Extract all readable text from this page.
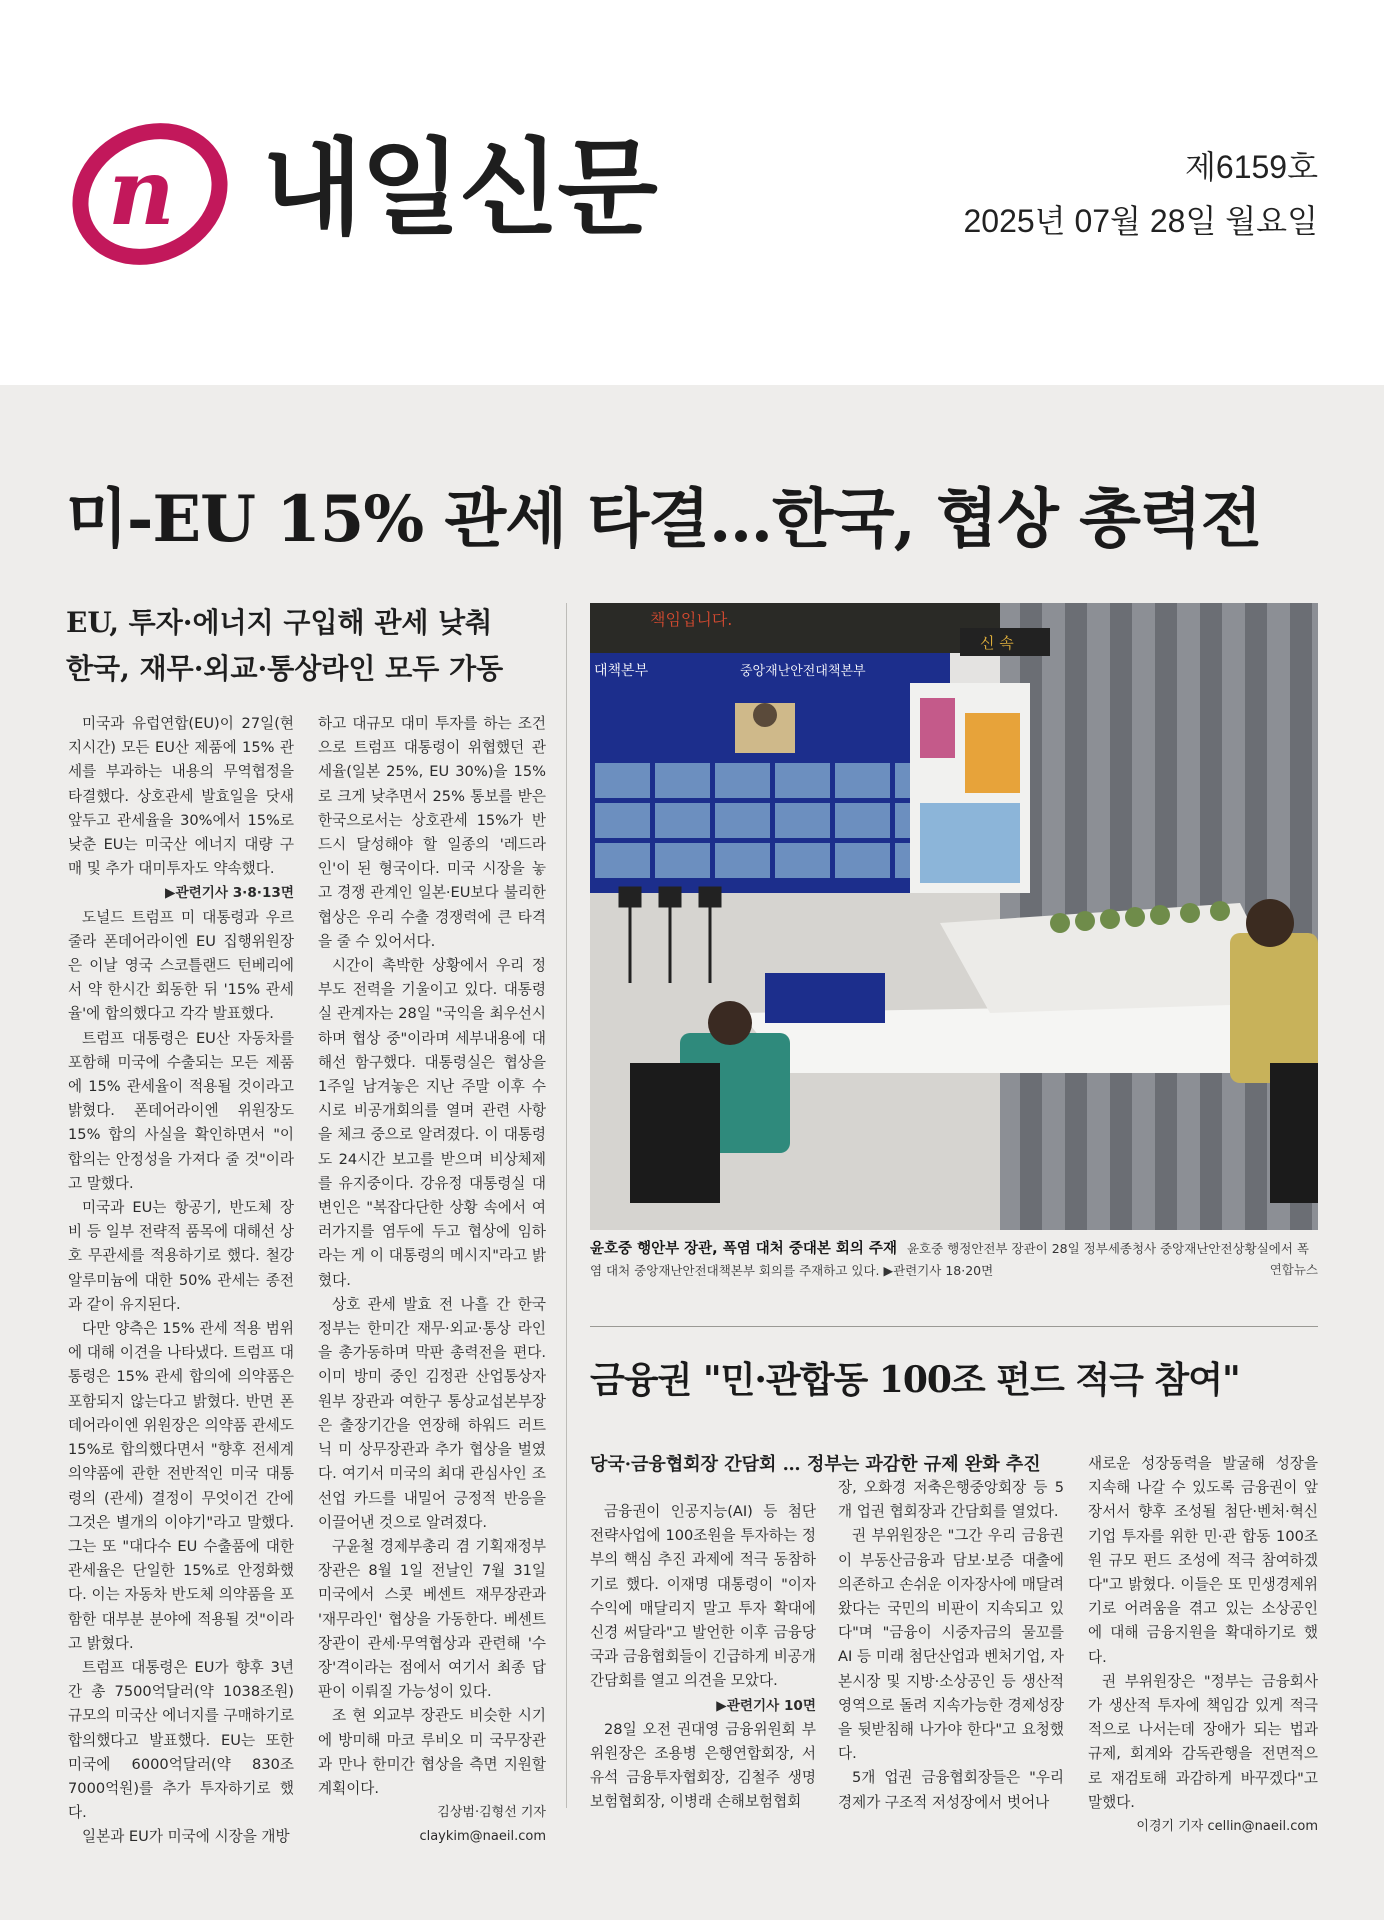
n 내일신문	제6159호
2025년 07월 28일 월요일
미-EU 15% 관세 타결…한국, 협상 총력전
EU, 투자·에너지 구입해 관세 낮춰
한국, 재무·외교·통상라인 모두 가동

미국과 유럽연합(EU)이 27일(현지시간) 모든 EU산 제품에 15% 관세를 부과하는 내용의 무역협정을 타결했다. 상호관세 발효일을 닷새 앞두고 관세율을 30%에서 15%로 낮춘 EU는 미국산 에너지 대량 구매 및 추가 대미투자도 약속했다.

▶관련기사 3·8·13면

도널드 트럼프 미 대통령과 우르줄라 폰데어라이엔 EU 집행위원장은 이날 영국 스코틀랜드 턴베리에서 약 한시간 회동한 뒤 '15% 관세율'에 합의했다고 각각 발표했다.

트럼프 대통령은 EU산 자동차를 포함해 미국에 수출되는 모든 제품에 15% 관세율이 적용될 것이라고 밝혔다. 폰데어라이엔 위원장도 15% 합의 사실을 확인하면서 "이 합의는 안정성을 가져다 줄 것"이라고 말했다.

미국과 EU는 항공기, 반도체 장비 등 일부 전략적 품목에 대해선 상호 무관세를 적용하기로 했다. 철강 알루미늄에 대한 50% 관세는 종전과 같이 유지된다.

다만 양측은 15% 관세 적용 범위에 대해 이견을 나타냈다. 트럼프 대통령은 15% 관세 합의에 의약품은 포함되지 않는다고 밝혔다. 반면 폰데어라이엔 위원장은 의약품 관세도 15%로 합의했다면서 "향후 전세계 의약품에 관한 전반적인 미국 대통령의 (관세) 결정이 무엇이건 간에 그것은 별개의 이야기"라고 말했다. 그는 또 "대다수 EU 수출품에 대한 관세율은 단일한 15%로 안정화했다. 이는 자동차 반도체 의약품을 포함한 대부분 분야에 적용될 것"이라고 밝혔다.

트럼프 대통령은 EU가 향후 3년간 총 7500억달러(약 1038조원) 규모의 미국산 에너지를 구매하기로 합의했다고 발표했다. EU는 또한 미국에 6000억달러(약 830조7000억원)를 추가 투자하기로 했다.

일본과 EU가 미국에 시장을 개방

하고 대규모 대미 투자를 하는 조건으로 트럼프 대통령이 위협했던 관세율(일본 25%, EU 30%)을 15%로 크게 낮추면서 25% 통보를 받은 한국으로서는 상호관세 15%가 반드시 달성해야 할 일종의 '레드라인'이 된 형국이다. 미국 시장을 놓고 경쟁 관계인 일본·EU보다 불리한 협상은 우리 수출 경쟁력에 큰 타격을 줄 수 있어서다.

시간이 촉박한 상황에서 우리 정부도 전력을 기울이고 있다. 대통령실 관계자는 28일 "국익을 최우선시하며 협상 중"이라며 세부내용에 대해선 함구했다. 대통령실은 협상을 1주일 남겨놓은 지난 주말 이후 수시로 비공개회의를 열며 관련 사항을 체크 중으로 알려졌다. 이 대통령도 24시간 보고를 받으며 비상체제를 유지중이다. 강유정 대통령실 대변인은 "복잡다단한 상황 속에서 여러가지를 염두에 두고 협상에 임하라는 게 이 대통령의 메시지"라고 밝혔다.

상호 관세 발효 전 나흘 간 한국 정부는 한미간 재무·외교·통상 라인을 총가동하며 막판 총력전을 편다. 이미 방미 중인 김정관 산업통상자원부 장관과 여한구 통상교섭본부장은 출장기간을 연장해 하워드 러트닉 미 상무장관과 추가 협상을 벌였다. 여기서 미국의 최대 관심사인 조선업 카드를 내밀어 긍정적 반응을 이끌어낸 것으로 알려졌다.

구윤철 경제부총리 겸 기획재정부 장관은 8월 1일 전날인 7월 31일 미국에서 스콧 베센트 재무장관과 '재무라인' 협상을 가동한다. 베센트 장관이 관세·무역협상과 관련해 '수장'격이라는 점에서 여기서 최종 답판이 이뤄질 가능성이 있다.

조 현 외교부 장관도 비슷한 시기에 방미해 마코 루비오 미 국무장관과 만나 한미간 협상을 측면 지원할 계획이다.

김상범·김형선 기자 claykim@naeil.com

책임입니다.
신 속
대책본부	중앙재난안전대책본부
윤호중 행안부 장관, 폭염 대처 중대본 회의 주재 윤호중 행정안전부 장관이 28일 정부세종청사 중앙재난안전상황실에서 폭염 대처 중앙재난안전대책본부 회의를 주재하고 있다. ▶관련기사 18·20면	연합뉴스
금융권 "민·관합동 100조 펀드 적극 참여"
당국·금융협회장 간담회 … 정부는 과감한 규제 완화 추진

금융권이 인공지능(AI) 등 첨단 전략사업에 100조원을 투자하는 정부의 핵심 추진 과제에 적극 동참하기로 했다. 이재명 대통령이 "이자수익에 매달리지 말고 투자 확대에 신경 써달라"고 발언한 이후 금융당국과 금융협회들이 긴급하게 비공개 간담회를 열고 의견을 모았다.

▶관련기사 10면

28일 오전 권대영 금융위원회 부위원장은 조용병 은행연합회장, 서유석 금융투자협회장, 김철주 생명보험협회장, 이병래 손해보험협회

장, 오화경 저축은행중앙회장 등 5개 업권 협회장과 간담회를 열었다.

권 부위원장은 "그간 우리 금융권이 부동산금융과 담보·보증 대출에 의존하고 손쉬운 이자장사에 매달려 왔다는 국민의 비판이 지속되고 있다"며 "금융이 시중자금의 물꼬를 AI 등 미래 첨단산업과 벤처기업, 자본시장 및 지방·소상공인 등 생산적 영역으로 돌려 지속가능한 경제성장을 뒷받침해 나가야 한다"고 요청했다.

5개 업권 금융협회장들은 "우리 경제가 구조적 저성장에서 벗어나

새로운 성장동력을 발굴해 성장을 지속해 나갈 수 있도록 금융권이 앞장서서 향후 조성될 첨단·벤처·혁신기업 투자를 위한 민·관 합동 100조원 규모 펀드 조성에 적극 참여하겠다"고 밝혔다. 이들은 또 민생경제위기로 어려움을 겪고 있는 소상공인에 대해 금융지원을 확대하기로 했다.

권 부위원장은 "정부는 금융회사가 생산적 투자에 책임감 있게 적극적으로 나서는데 장애가 되는 법과 규제, 회계와 감독관행을 전면적으로 재검토해 과감하게 바꾸겠다"고 말했다.

이경기 기자 cellin@naeil.com
